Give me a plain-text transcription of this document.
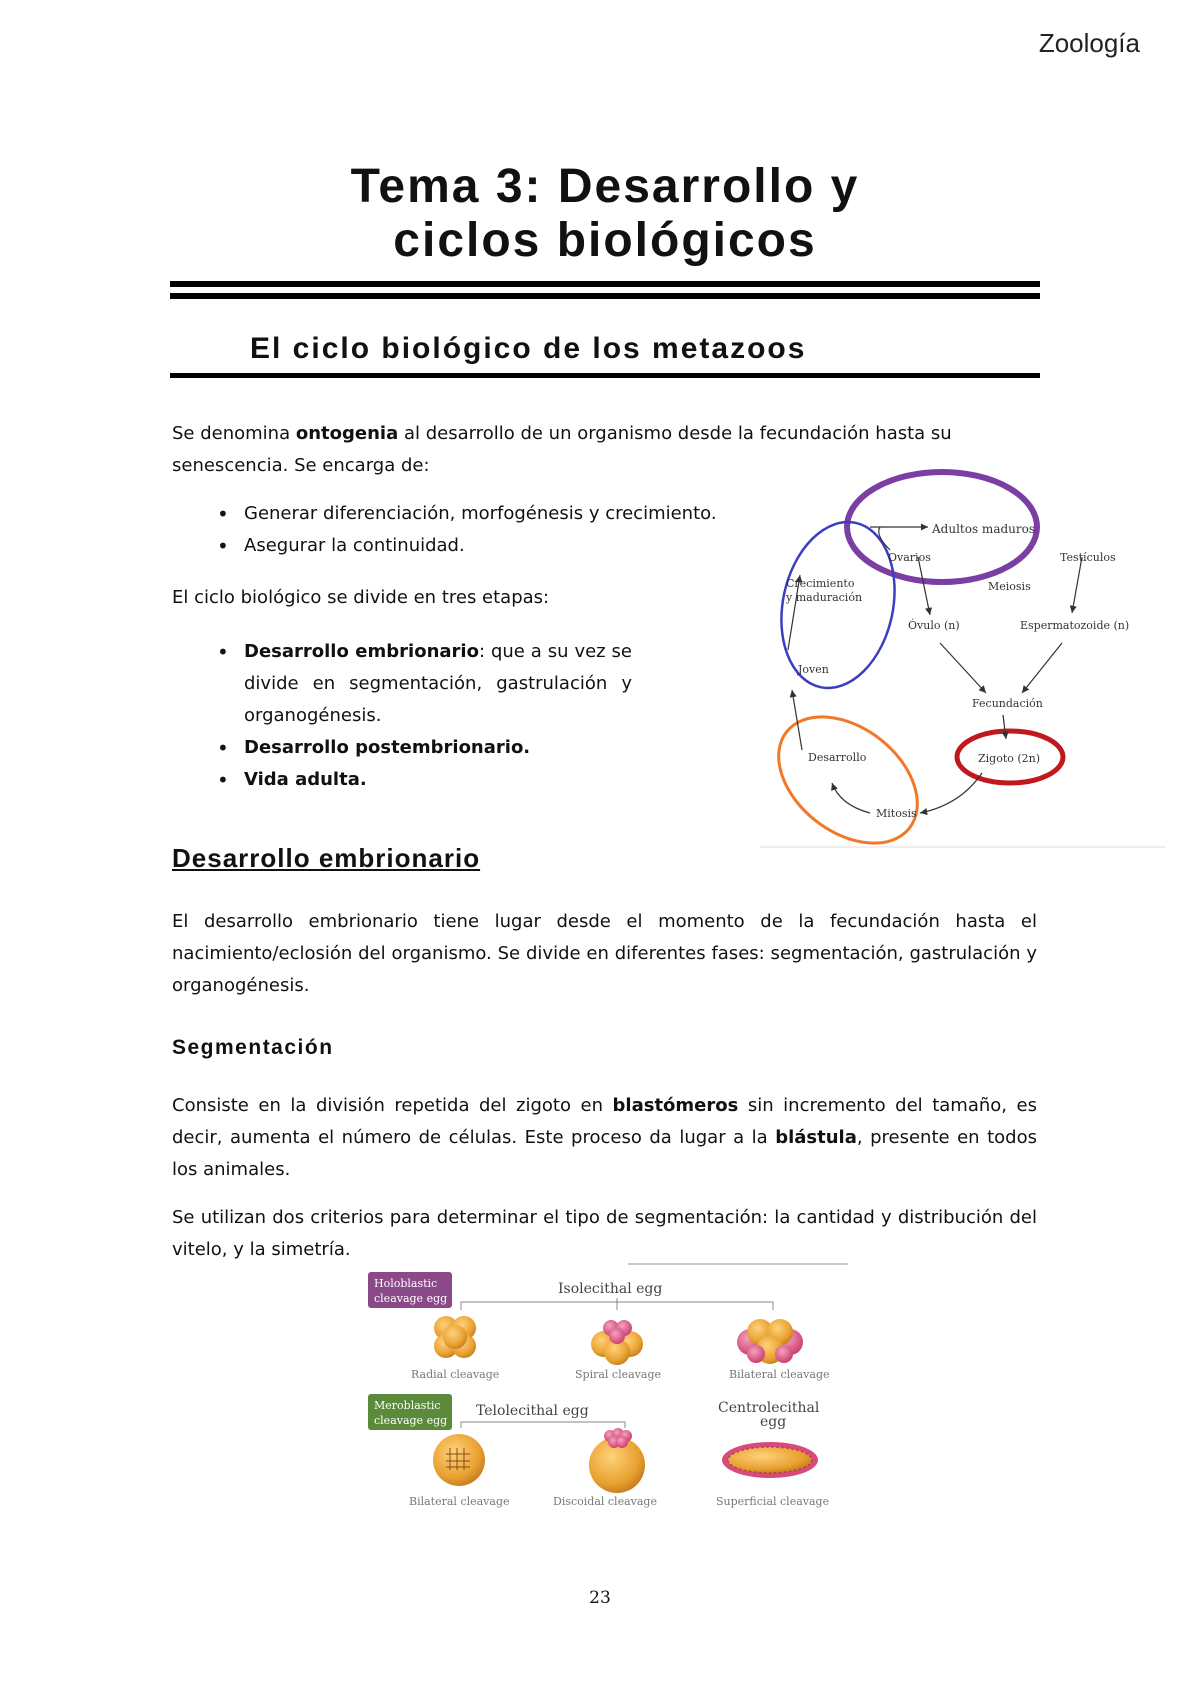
Zoología
Tema 3: Desarrollo y
ciclos biológicos
El ciclo biológico de los metazoos
Se denomina ontogenia al desarrollo de un organismo desde la fecundación hasta su senescencia. Se encarga de:
• Generar diferenciación, morfogénesis y crecimiento.
• Asegurar la continuidad.
El ciclo biológico se divide en tres etapas:
• Desarrollo embrionario: que a su vez se divide en segmentación, gastrulación y organogénesis.
• Desarrollo postembrionario.
• Vida adulta.
Adultos maduros
Ovarios	Testículos
Meiosis
Óvulo (n)	Espermatozoide (n)
Fecundación
Zigoto (2n)
Mitosis
Desarrollo
Joven
Crecimiento
y maduración
Desarrollo embrionario
El desarrollo embrionario tiene lugar desde el momento de la fecundación hasta el nacimiento/eclosión del organismo. Se divide en diferentes fases: segmentación, gastrulación y organogénesis.
Segmentación
Consiste en la división repetida del zigoto en blastómeros sin incremento del tamaño, es decir, aumenta el número de células. Este proceso da lugar a la blástula, presente en todos los animales.
Se utilizan dos criterios para determinar el tipo de segmentación: la cantidad y distribución del vitelo, y la simetría.
Holoblastic
cleavage egg
Isolecithal egg
Radial cleavage	Spiral cleavage	Bilateral cleavage
Meroblastic
cleavage egg
Telolecithal egg	Centrolecithal
egg
Bilateral cleavage	Discoidal cleavage	Superficial cleavage
23
